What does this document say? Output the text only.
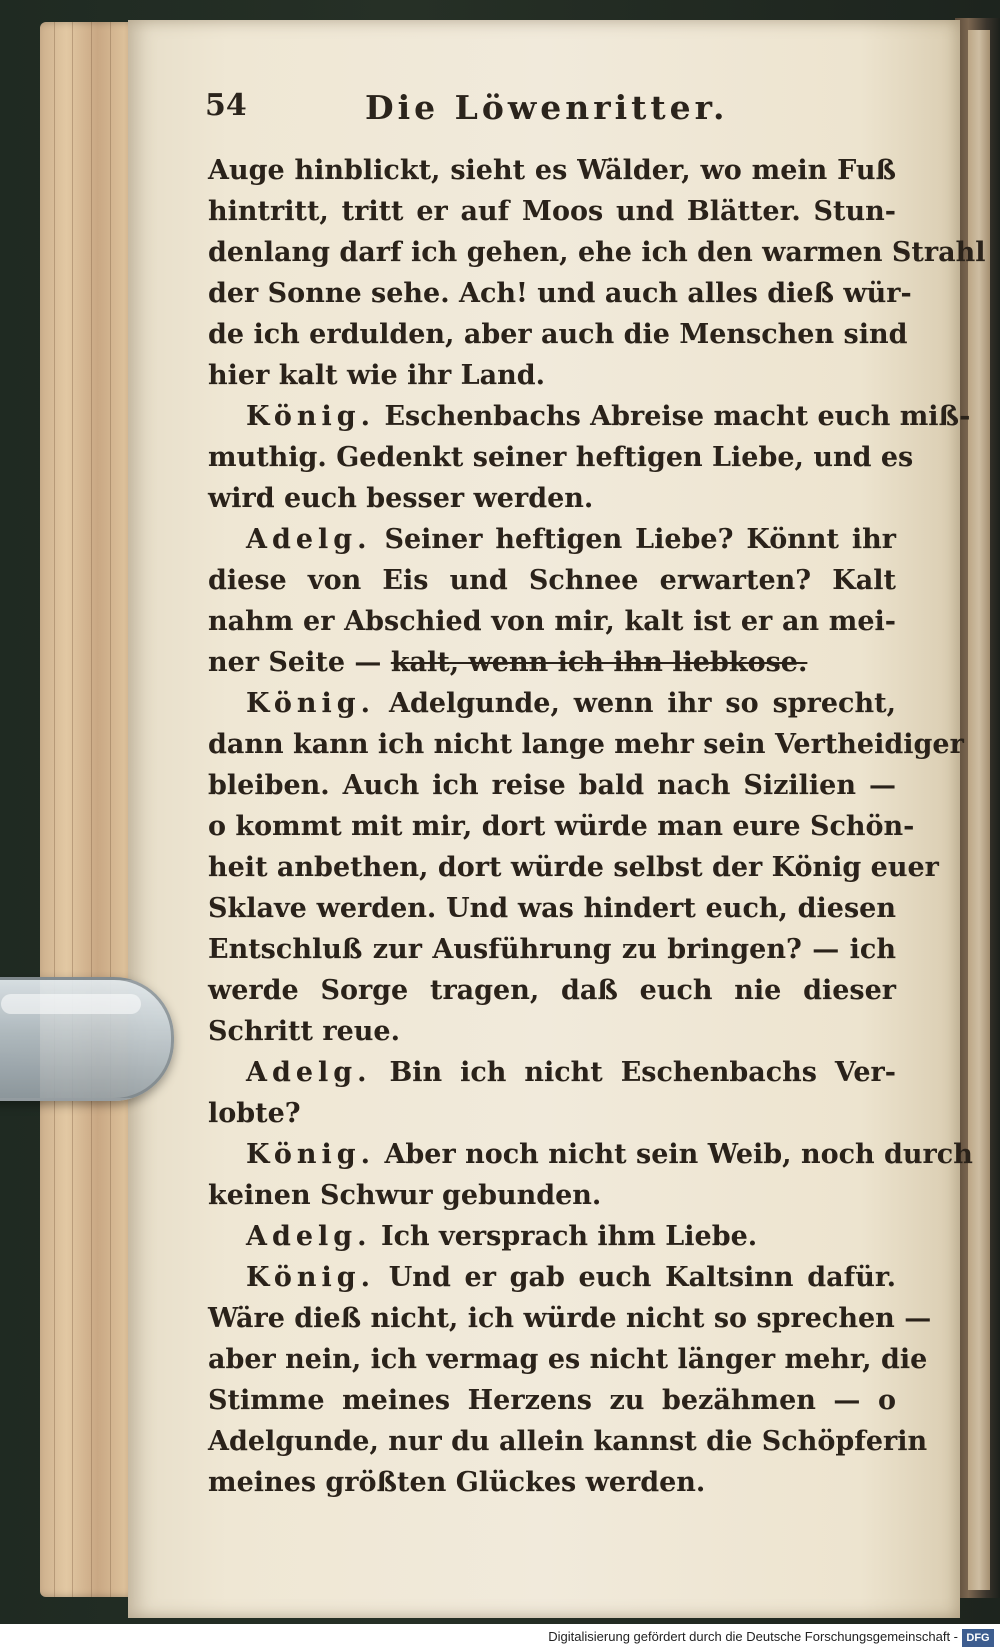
54	Die Löwenritter.
Auge hinblickt, sieht es Wälder, wo mein Fuß
hintritt, tritt er auf Moos und Blätter. Stun-
denlang darf ich gehen, ehe ich den warmen Strahl
der Sonne sehe. Ach! und auch alles dieß wür-
de ich erdulden, aber auch die Menschen sind
hier kalt wie ihr Land.
König. Eschenbachs Abreise macht euch miß-
muthig. Gedenkt seiner heftigen Liebe, und es
wird euch besser werden.
Adelg. Seiner heftigen Liebe? Könnt ihr
diese von Eis und Schnee erwarten? Kalt
nahm er Abschied von mir, kalt ist er an mei-
ner Seite — kalt, wenn ich ihn liebkose.
König. Adelgunde, wenn ihr so sprecht,
dann kann ich nicht lange mehr sein Vertheidiger
bleiben. Auch ich reise bald nach Sizilien —
o kommt mit mir, dort würde man eure Schön-
heit anbethen, dort würde selbst der König euer
Sklave werden. Und was hindert euch, diesen
Entschluß zur Ausführung zu bringen? — ich
werde Sorge tragen, daß euch nie dieser
Schritt reue.
Adelg. Bin ich nicht Eschenbachs Ver-
lobte?
König. Aber noch nicht sein Weib, noch durch
keinen Schwur gebunden.
Adelg. Ich versprach ihm Liebe.
König. Und er gab euch Kaltsinn dafür.
Wäre dieß nicht, ich würde nicht so sprechen —
aber nein, ich vermag es nicht länger mehr, die
Stimme meines Herzens zu bezähmen — o
Adelgunde, nur du allein kannst die Schöpferin
meines größten Glückes werden.
Digitalisierung gefördert durch die Deutsche Forschungsgemeinschaft - DFG
